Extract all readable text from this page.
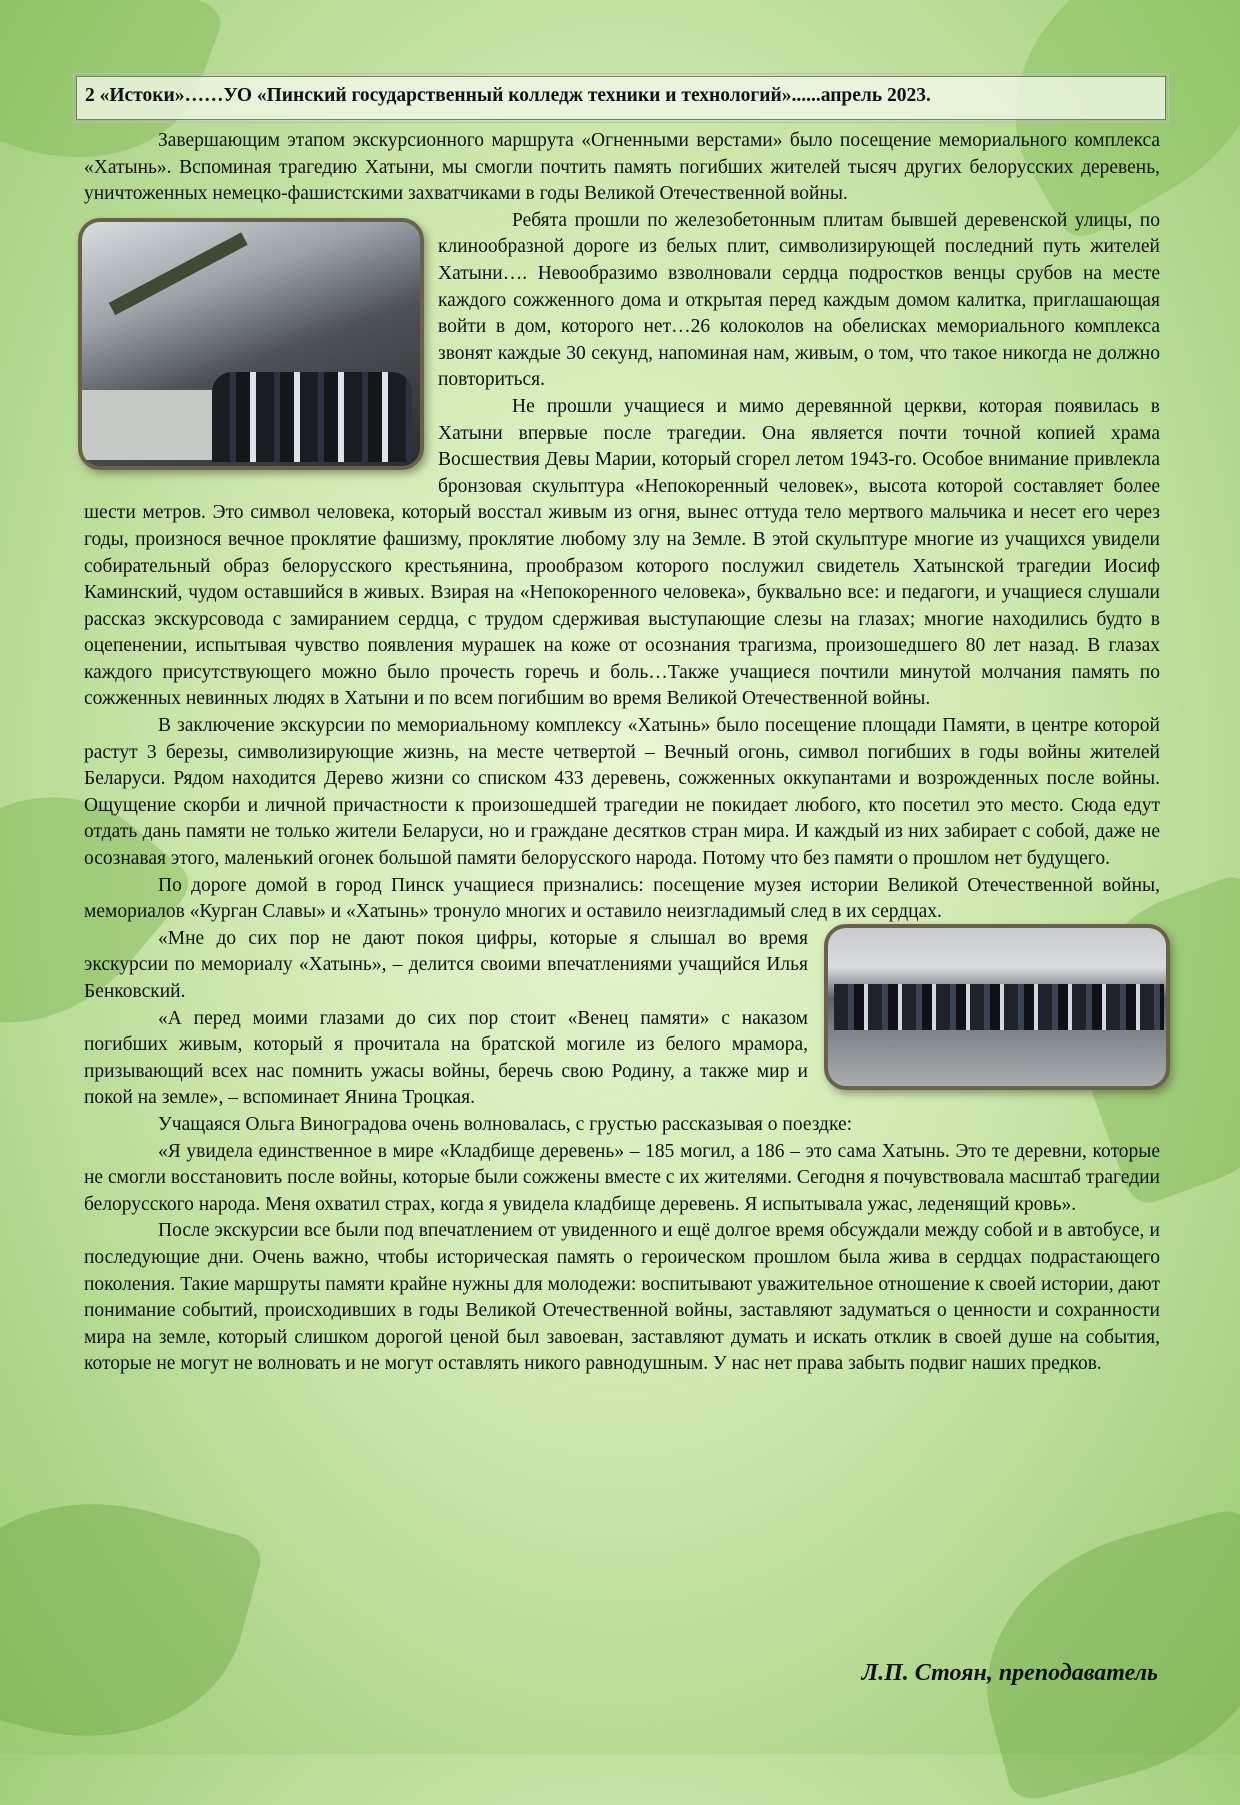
2 «Истоки»……УО «Пинский государственный колледж техники и технологий»......апрель 2023.

Завершающим этапом экскурсионного маршрута «Огненными верстами» было посещение мемориального комплекса «Хатынь». Вспоминая трагедию Хатыни, мы смогли почтить память погибших жителей тысяч других белорусских деревень, уничтоженных немецко-фашистскими захватчиками в годы Великой Отечественной войны.

Ребята прошли по железобетонным плитам бывшей деревенской улицы, по клинообразной дороге из белых плит, символизирующей последний путь жителей Хатыни…. Невообразимо взволновали сердца подростков венцы срубов на месте каждого сожженного дома и открытая перед каждым домом калитка, приглашающая войти в дом, которого нет…26 колоколов на обелисках мемориального комплекса звонят каждые 30 секунд, напоминая нам, живым, о том, что такое никогда не должно повториться.

Не прошли учащиеся и мимо деревянной церкви, которая появилась в Хатыни впервые после трагедии. Она является почти точной копией храма Восшествия Девы Марии, который сгорел летом 1943-го. Особое внимание привлекла бронзовая скульптура «Непокоренный человек», высота которой составляет более шести метров. Это символ человека, который восстал живым из огня, вынес оттуда тело мертвого мальчика и несет его через годы, произнося вечное проклятие фашизму, проклятие любому злу на Земле. В этой скульптуре многие из учащихся увидели собирательный образ белорусского крестьянина, прообразом которого послужил свидетель Хатынской трагедии Иосиф Каминский, чудом оставшийся в живых. Взирая на «Непокоренного человека», буквально все: и педагоги, и учащиеся слушали рассказ экскурсовода с замиранием сердца, с трудом сдерживая выступающие слезы на глазах; многие находились будто в оцепенении, испытывая чувство появления мурашек на коже от осознания трагизма, произошедшего 80 лет назад. В глазах каждого присутствующего можно было прочесть горечь и боль…Также учащиеся почтили минутой молчания память по сожженных невинных людях в Хатыни и по всем погибшим во время Великой Отечественной войны.

В заключение экскурсии по мемориальному комплексу «Хатынь» было посещение площади Памяти, в центре которой растут 3 березы, символизирующие жизнь, на месте четвертой – Вечный огонь, символ погибших в годы войны жителей Беларуси. Рядом находится Дерево жизни со списком 433 деревень, сожженных оккупантами и возрожденных после войны. Ощущение скорби и личной причастности к произошедшей трагедии не покидает любого, кто посетил это место. Сюда едут отдать дань памяти не только жители Беларуси, но и граждане десятков стран мира. И каждый из них забирает с собой, даже не осознавая этого, маленький огонек большой памяти белорусского народа. Потому что без памяти о прошлом нет будущего.

По дороге домой в город Пинск учащиеся признались: посещение музея истории Великой Отечественной войны, мемориалов «Курган Славы» и «Хатынь» тронуло многих и оставило неизгладимый след в их сердцах.

«Мне до сих пор не дают покоя цифры, которые я слышал во время экскурсии по мемориалу «Хатынь», – делится своими впечатлениями учащийся Илья Бенковский.

«А перед моими глазами до сих пор стоит «Венец памяти» с наказом погибших живым, который я прочитала на братской могиле из белого мрамора, призывающий всех нас помнить ужасы войны, беречь свою Родину, а также мир и покой на земле», – вспоминает Янина Троцкая.

Учащаяся Ольга Виноградова очень волновалась, с грустью рассказывая о поездке:

«Я увидела единственное в мире «Кладбище деревень» – 185 могил, а 186 – это сама Хатынь. Это те деревни, которые не смогли восстановить после войны, которые были сожжены вместе с их жителями. Сегодня я почувствовала масштаб трагедии белорусского народа. Меня охватил страх, когда я увидела кладбище деревень. Я испытывала ужас, леденящий кровь».

После экскурсии все были под впечатлением от увиденного и ещё долгое время обсуждали между собой и в автобусе, и последующие дни. Очень важно, чтобы историческая память о героическом прошлом была жива в сердцах подрастающего поколения. Такие маршруты памяти крайне нужны для молодежи: воспитывают уважительное отношение к своей истории, дают понимание событий, происходивших в годы Великой Отечественной войны, заставляют задуматься о ценности и сохранности мира на земле, который слишком дорогой ценой был завоеван, заставляют думать и искать отклик в своей душе на события, которые не могут не волновать и не могут оставлять никого равнодушным. У нас нет права забыть подвиг наших предков.

Л.П. Стоян, преподаватель
